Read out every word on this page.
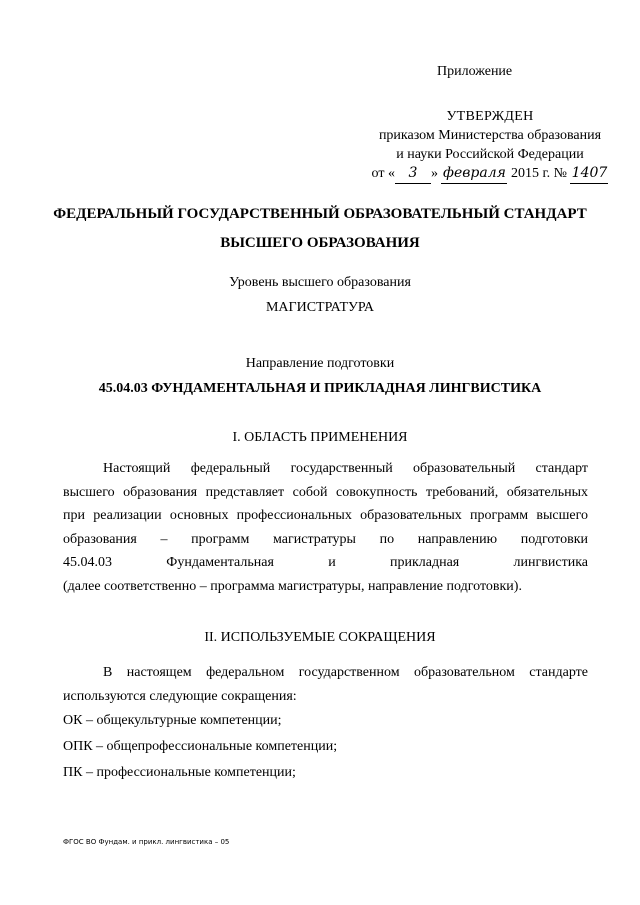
Приложение
УТВЕРЖДЕН
приказом Министерства образования
и науки Российской Федерации
от « 3 » февраля 2015 г. № 1407
ФЕДЕРАЛЬНЫЙ ГОСУДАРСТВЕННЫЙ ОБРАЗОВАТЕЛЬНЫЙ СТАНДАРТ
ВЫСШЕГО ОБРАЗОВАНИЯ
Уровень высшего образования
МАГИСТРАТУРА
Направление подготовки
45.04.03 ФУНДАМЕНТАЛЬНАЯ И ПРИКЛАДНАЯ ЛИНГВИСТИКА
I. ОБЛАСТЬ ПРИМЕНЕНИЯ
Настоящий федеральный государственный образовательный стандарт
высшего образования представляет собой совокупность требований, обязательных
при реализации основных профессиональных образовательных программ высшего
образования – программ магистратуры по направлению подготовки
45.04.03 Фундаментальная и прикладная лингвистика
(далее соответственно – программа магистратуры, направление подготовки).
II. ИСПОЛЬЗУЕМЫЕ СОКРАЩЕНИЯ
В настоящем федеральном государственном образовательном стандарте
используются следующие сокращения:
ОК – общекультурные компетенции;
ОПК – общепрофессиональные компетенции;
ПК – профессиональные компетенции;
ФГОС ВО Фундам. и прикл. лингвистика – 05
